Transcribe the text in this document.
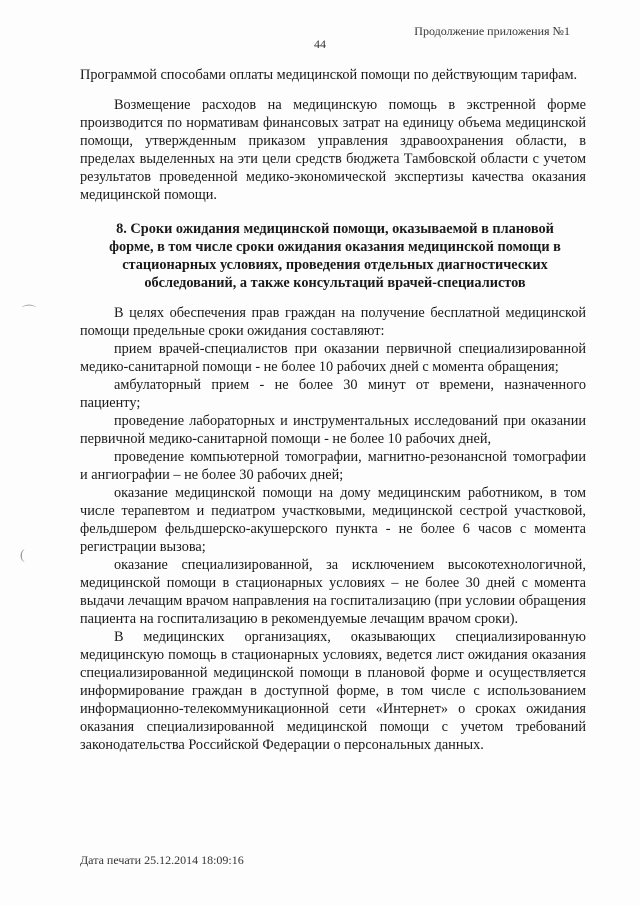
Продолжение приложения №1
44

Программой способами оплаты медицинской помощи по действующим тарифам.

Возмещение расходов на медицинскую помощь в экстренной форме производится по нормативам финансовых затрат на единицу объема медицинской помощи, утвержденным приказом управления здравоохранения области, в пределах выделенных на эти цели средств бюджета Тамбовской области с учетом результатов проведенной медико-экономической экспертизы качества оказания медицинской помощи.

8. Сроки ожидания медицинской помощи, оказываемой в плановой форме, в том числе сроки ожидания оказания медицинской помощи в стационарных условиях, проведения отдельных диагностических обследований, а также консультаций врачей-специалистов

В целях обеспечения прав граждан на получение бесплатной медицинской помощи предельные сроки ожидания составляют:

прием врачей-специалистов при оказании первичной специализированной медико-санитарной помощи - не более 10 рабочих дней с момента обращения;

амбулаторный прием - не более 30 минут от времени, назначенного пациенту;

проведение лабораторных и инструментальных исследований при оказании первичной медико-санитарной помощи - не более 10 рабочих дней,

проведение компьютерной томографии, магнитно-резонансной томографии и ангиографии – не более 30 рабочих дней;

оказание медицинской помощи на дому медицинским работником, в том числе терапевтом и педиатром участковыми, медицинской сестрой участковой, фельдшером фельдшерско-акушерского пункта - не более 6 часов с момента регистрации вызова;

оказание специализированной, за исключением высокотехнологичной, медицинской помощи в стационарных условиях – не более 30 дней с момента выдачи лечащим врачом направления на госпитализацию (при условии обращения пациента на госпитализацию в рекомендуемые лечащим врачом сроки).

В медицинских организациях, оказывающих специализированную медицинскую помощь в стационарных условиях, ведется лист ожидания оказания специализированной медицинской помощи в плановой форме и осуществляется информирование граждан в доступной форме, в том числе с использованием информационно-телекоммуникационной сети «Интернет» о сроках ожидания оказания специализированной медицинской помощи с учетом требований законодательства Российской Федерации о персональных данных.

Дата печати 25.12.2014 18:09:16
⌒
(
